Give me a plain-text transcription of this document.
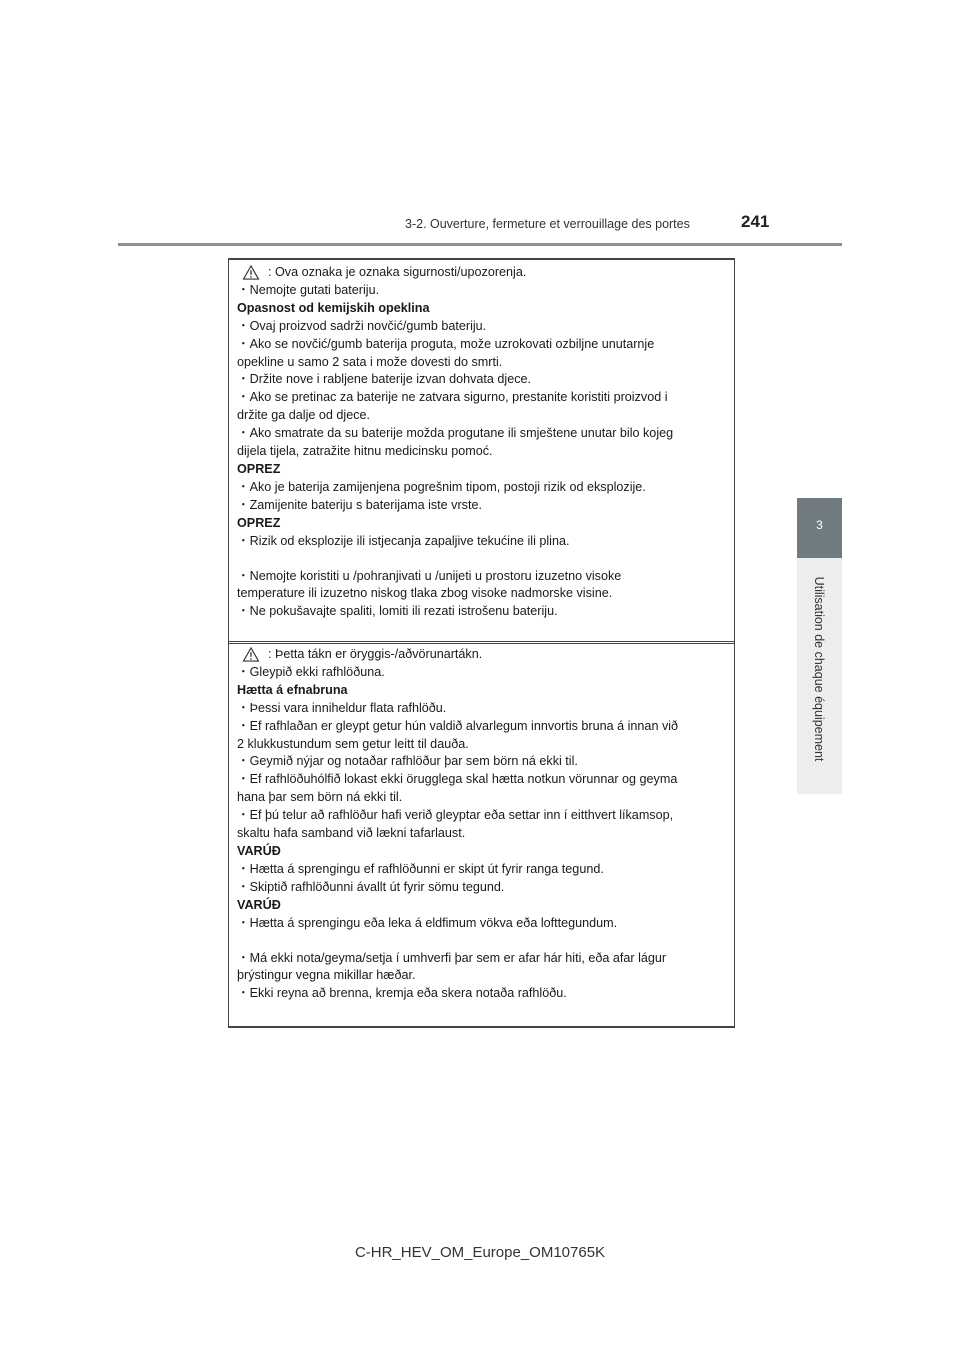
3-2. Ouverture, fermeture et verrouillage des portes	241
3
Utilisation de chaque équipement
: Ova oznaka je oznaka sigurnosti/upozorenja.
・Nemojte gutati bateriju.
Opasnost od kemijskih opeklina
・Ovaj proizvod sadrži novčić/gumb bateriju.
・Ako se novčić/gumb baterija proguta, može uzrokovati ozbiljne unutarnje
opekline u samo 2 sata i može dovesti do smrti.
・Držite nove i rabljene baterije izvan dohvata djece.
・Ako se pretinac za baterije ne zatvara sigurno, prestanite koristiti proizvod i
držite ga dalje od djece.
・Ako smatrate da su baterije možda progutane ili smještene unutar bilo kojeg
dijela tijela, zatražite hitnu medicinsku pomoć.
OPREZ
・Ako je baterija zamijenjena pogrešnim tipom, postoji rizik od eksplozije.
・Zamijenite bateriju s baterijama iste vrste.
OPREZ
・Rizik od eksplozije ili istjecanja zapaljive tekućine ili plina.
・Nemojte koristiti u /pohranjivati u /unijeti u prostoru izuzetno visoke
temperature ili izuzetno niskog tlaka zbog visoke nadmorske visine.
・Ne pokušavajte spaliti, lomiti ili rezati istrošenu bateriju.
: Þetta tákn er öryggis-/aðvörunartákn.
・Gleypið ekki rafhlöðuna.
Hætta á efnabruna
・Þessi vara inniheldur flata rafhlöðu.
・Ef rafhlaðan er gleypt getur hún valdið alvarlegum innvortis bruna á innan við
2 klukkustundum sem getur leitt til dauða.
・Geymið nýjar og notaðar rafhlöður þar sem börn ná ekki til.
・Ef rafhlöðuhólfið lokast ekki örugglega skal hætta notkun vörunnar og geyma
hana þar sem börn ná ekki til.
・Ef þú telur að rafhlöður hafi verið gleyptar eða settar inn í eitthvert líkamsop,
skaltu hafa samband við lækni tafarlaust.
VARÚÐ
・Hætta á sprengingu ef rafhlöðunni er skipt út fyrir ranga tegund.
・Skiptið rafhlöðunni ávallt út fyrir sömu tegund.
VARÚÐ
・Hætta á sprengingu eða leka á eldfimum vökva eða lofttegundum.
・Má ekki nota/geyma/setja í umhverfi þar sem er afar hár hiti, eða afar lágur
þrýstingur vegna mikillar hæðar.
・Ekki reyna að brenna, kremja eða skera notaða rafhlöðu.
C-HR_HEV_OM_Europe_OM10765K
